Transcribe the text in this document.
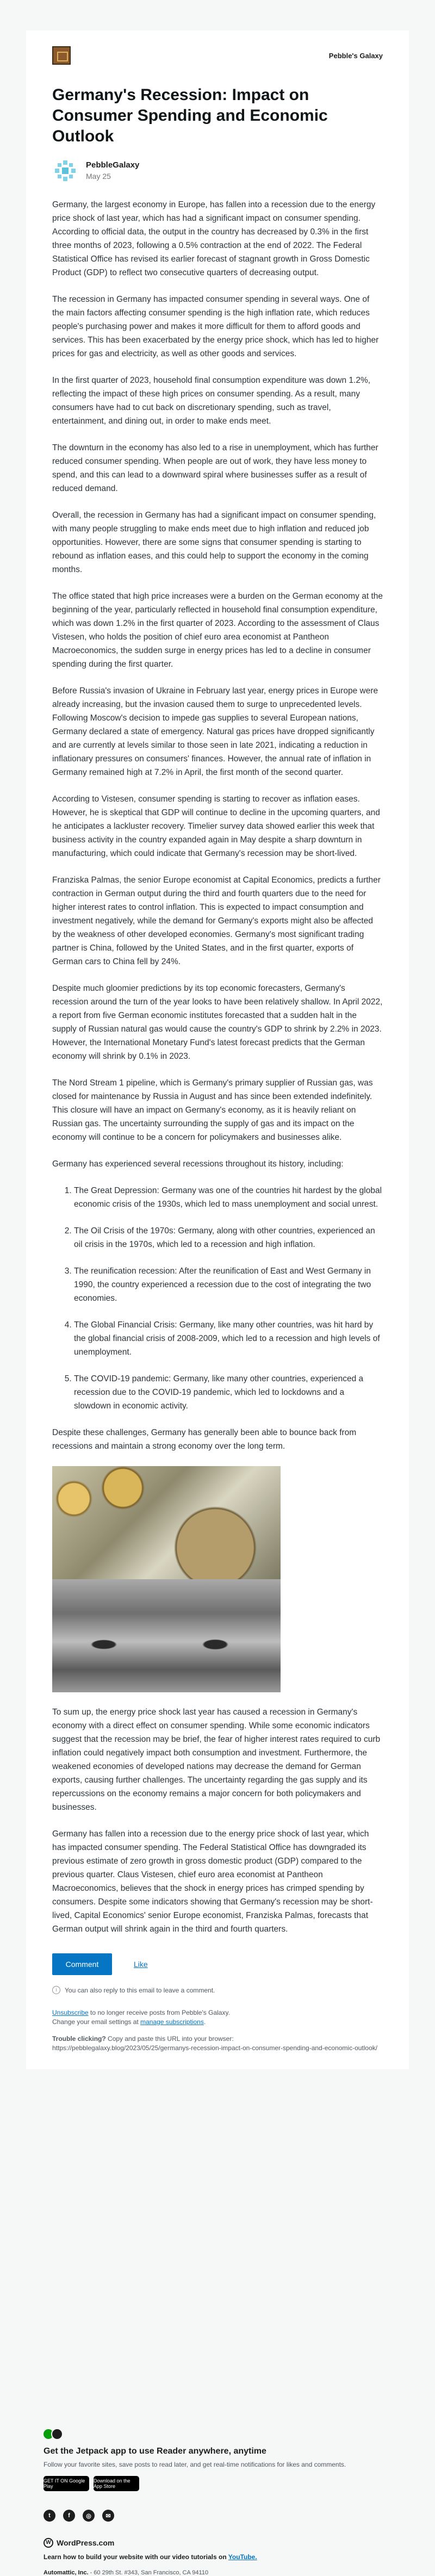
Pebble's Galaxy
Germany's Recession: Impact on Consumer Spending and Economic Outlook
PebbleGalaxy
May 25

Germany, the largest economy in Europe, has fallen into a recession due to the energy price shock of last year, which has had a significant impact on consumer spending. According to official data, the output in the country has decreased by 0.3% in the first three months of 2023, following a 0.5% contraction at the end of 2022. The Federal Statistical Office has revised its earlier forecast of stagnant growth in Gross Domestic Product (GDP) to reflect two consecutive quarters of decreasing output.

The recession in Germany has impacted consumer spending in several ways. One of the main factors affecting consumer spending is the high inflation rate, which reduces people's purchasing power and makes it more difficult for them to afford goods and services. This has been exacerbated by the energy price shock, which has led to higher prices for gas and electricity, as well as other goods and services.

In the first quarter of 2023, household final consumption expenditure was down 1.2%, reflecting the impact of these high prices on consumer spending. As a result, many consumers have had to cut back on discretionary spending, such as travel, entertainment, and dining out, in order to make ends meet.

The downturn in the economy has also led to a rise in unemployment, which has further reduced consumer spending. When people are out of work, they have less money to spend, and this can lead to a downward spiral where businesses suffer as a result of reduced demand.

Overall, the recession in Germany has had a significant impact on consumer spending, with many people struggling to make ends meet due to high inflation and reduced job opportunities. However, there are some signs that consumer spending is starting to rebound as inflation eases, and this could help to support the economy in the coming months.

The office stated that high price increases were a burden on the German economy at the beginning of the year, particularly reflected in household final consumption expenditure, which was down 1.2% in the first quarter of 2023. According to the assessment of Claus Vistesen, who holds the position of chief euro area economist at Pantheon Macroeconomics, the sudden surge in energy prices has led to a decline in consumer spending during the first quarter.

Before Russia's invasion of Ukraine in February last year, energy prices in Europe were already increasing, but the invasion caused them to surge to unprecedented levels. Following Moscow's decision to impede gas supplies to several European nations, Germany declared a state of emergency. Natural gas prices have dropped significantly and are currently at levels similar to those seen in late 2021, indicating a reduction in inflationary pressures on consumers' finances. However, the annual rate of inflation in Germany remained high at 7.2% in April, the first month of the second quarter.

According to Vistesen, consumer spending is starting to recover as inflation eases. However, he is skeptical that GDP will continue to decline in the upcoming quarters, and he anticipates a lackluster recovery. Timelier survey data showed earlier this week that business activity in the country expanded again in May despite a sharp downturn in manufacturing, which could indicate that Germany's recession may be short-lived.

Franziska Palmas, the senior Europe economist at Capital Economics, predicts a further contraction in German output during the third and fourth quarters due to the need for higher interest rates to control inflation. This is expected to impact consumption and investment negatively, while the demand for Germany's exports might also be affected by the weakness of other developed economies. Germany's most significant trading partner is China, followed by the United States, and in the first quarter, exports of German cars to China fell by 24%.

Despite much gloomier predictions by its top economic forecasters, Germany's recession around the turn of the year looks to have been relatively shallow. In April 2022, a report from five German economic institutes forecasted that a sudden halt in the supply of Russian natural gas would cause the country's GDP to shrink by 2.2% in 2023. However, the International Monetary Fund's latest forecast predicts that the German economy will shrink by 0.1% in 2023.

The Nord Stream 1 pipeline, which is Germany's primary supplier of Russian gas, was closed for maintenance by Russia in August and has since been extended indefinitely. This closure will have an impact on Germany's economy, as it is heavily reliant on Russian gas. The uncertainty surrounding the supply of gas and its impact on the economy will continue to be a concern for policymakers and businesses alike.

Germany has experienced several recessions throughout its history, including:

1. The Great Depression: Germany was one of the countries hit hardest by the global economic crisis of the 1930s, which led to mass unemployment and social unrest.
2. The Oil Crisis of the 1970s: Germany, along with other countries, experienced an oil crisis in the 1970s, which led to a recession and high inflation.
3. The reunification recession: After the reunification of East and West Germany in 1990, the country experienced a recession due to the cost of integrating the two economies.
4. The Global Financial Crisis: Germany, like many other countries, was hit hard by the global financial crisis of 2008-2009, which led to a recession and high levels of unemployment.
5. The COVID-19 pandemic: Germany, like many other countries, experienced a recession due to the COVID-19 pandemic, which led to lockdowns and a slowdown in economic activity.

Despite these challenges, Germany has generally been able to bounce back from recessions and maintain a strong economy over the long term.

To sum up, the energy price shock last year has caused a recession in Germany's economy with a direct effect on consumer spending. While some economic indicators suggest that the recession may be brief, the fear of higher interest rates required to curb inflation could negatively impact both consumption and investment. Furthermore, the weakened economies of developed nations may decrease the demand for German exports, causing further challenges. The uncertainty regarding the gas supply and its repercussions on the economy remains a major concern for both policymakers and businesses.

Germany has fallen into a recession due to the energy price shock of last year, which has impacted consumer spending. The Federal Statistical Office has downgraded its previous estimate of zero growth in gross domestic product (GDP) compared to the previous quarter. Claus Vistesen, chief euro area economist at Pantheon Macroeconomics, believes that the shock in energy prices has crimped spending by consumers. Despite some indicators showing that Germany's recession may be short-lived, Capital Economics' senior Europe economist, Franziska Palmas, forecasts that German output will shrink again in the third and fourth quarters.

Comment	Like
i	You can also reply to this email to leave a comment.
Unsubscribe to no longer receive posts from Pebble's Galaxy.
Change your email settings at manage subscriptions.
Trouble clicking? Copy and paste this URL into your browser:
https://pebblegalaxy.blog/2023/05/25/germanys-recession-impact-on-consumer-spending-and-economic-outlook/
Get the Jetpack app to use Reader anywhere, anytime
Follow your favorite sites, save posts to read later, and get real-time notifications for likes and comments.
GET IT ON Google Play
Download on the App Store
t	f	◎	✉
W WordPress.com
Learn how to build your website with our video tutorials on YouTube.
Automattic, Inc. - 60 29th St. #343, San Francisco, CA 94110
